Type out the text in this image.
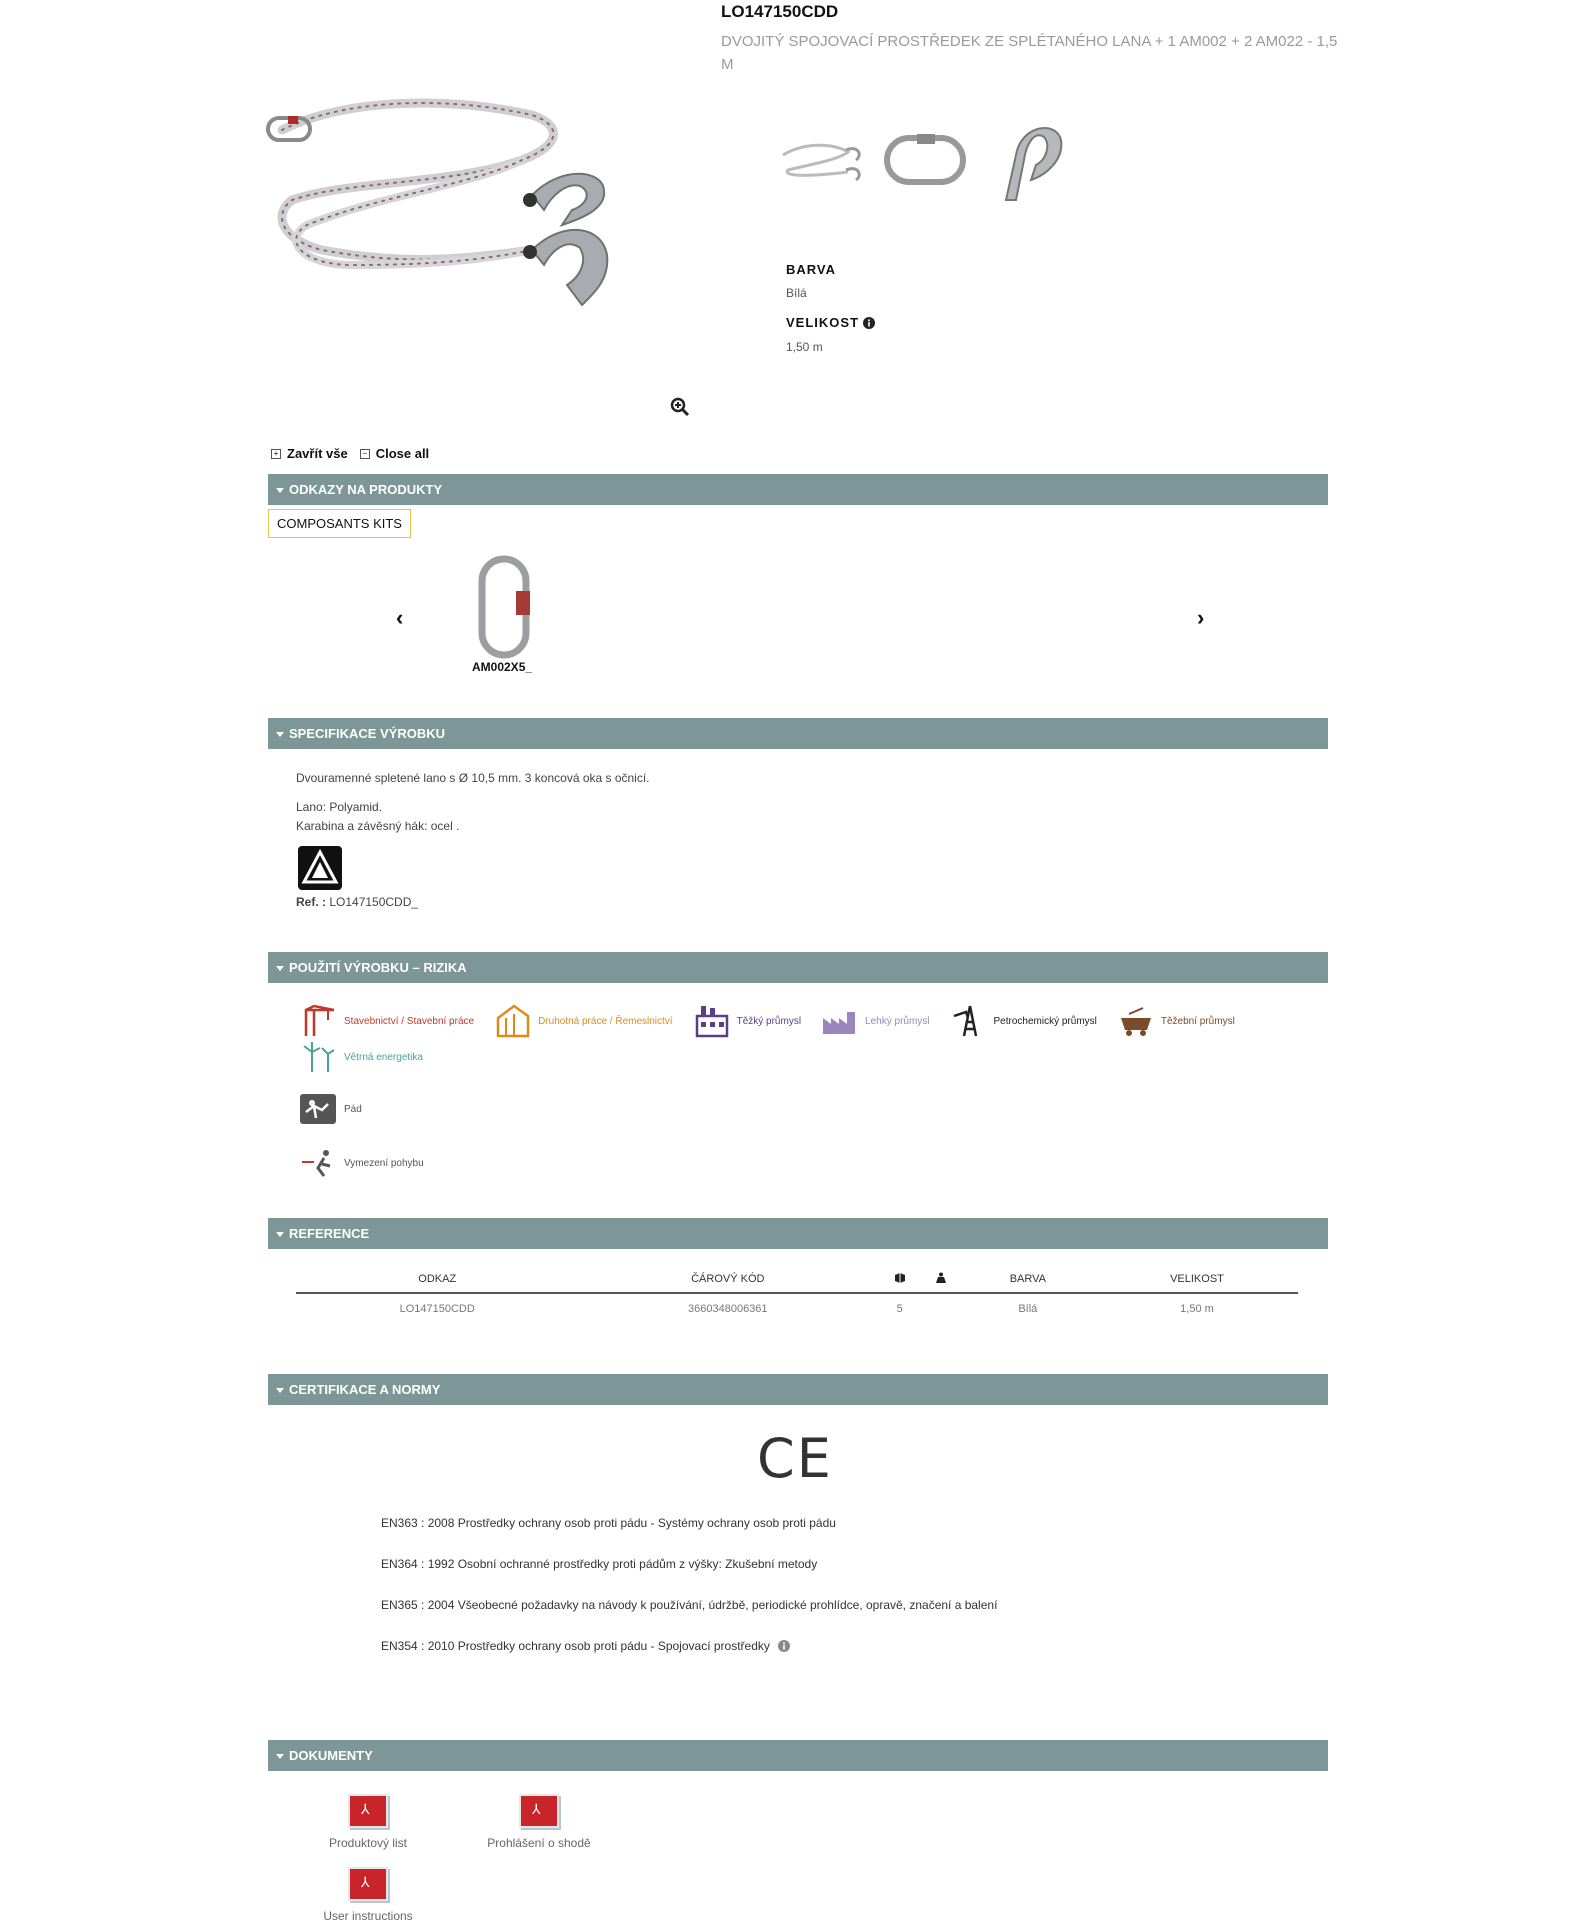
LO147150CDD
DVOJITÝ SPOJOVACÍ PROSTŘEDEK ZE SPLÉTANÉHO LANA + 1 AM002 + 2 AM022 - 1,5 M
BARVA
Bílá
VELIKOST
1,50 m
+ Zavřít vše	− Close all
ODKAZY NA PRODUKTY
COMPOSANTS KITS
‹	›
AM002X5_
SPECIFIKACE VÝROBKU
Dvouramenné spletené lano s Ø 10,5 mm. 3 koncová oka s očnicí.
Lano: Polyamid.
Karabina a závěsný hák: ocel .
Ref. : LO147150CDD_
POUŽITÍ VÝROBKU – RIZIKA
Stavebnictví / Stavební práce	Druhotná práce / Řemeslnictví	Těžký průmysl	Lehký průmysl	Petrochemický průmysl	Těžební průmysl
Větrná energetika
Pád
Vymezení pohybu
REFERENCE
ODKAZ	ČÁROVÝ KÓD			BARVA	VELIKOST
LO147150CDD	3660348006361	5		Bílá	1,50 m
CERTIFIKACE A NORMY
CE
EN363 : 2008 Prostředky ochrany osob proti pádu - Systémy ochrany osob proti pádu
EN364 : 1992 Osobní ochranné prostředky proti pádům z výšky: Zkušební metody
EN365 : 2004 Všeobecné požadavky na návody k používání, údržbě, periodické prohlídce, opravě, značení a balení
EN354 : 2010 Prostředky ochrany osob proti pádu - Spojovací prostředky
DOKUMENTY
⅄
Produktový list
⅄	Prohlášení o shodě
⅄
User instructions
